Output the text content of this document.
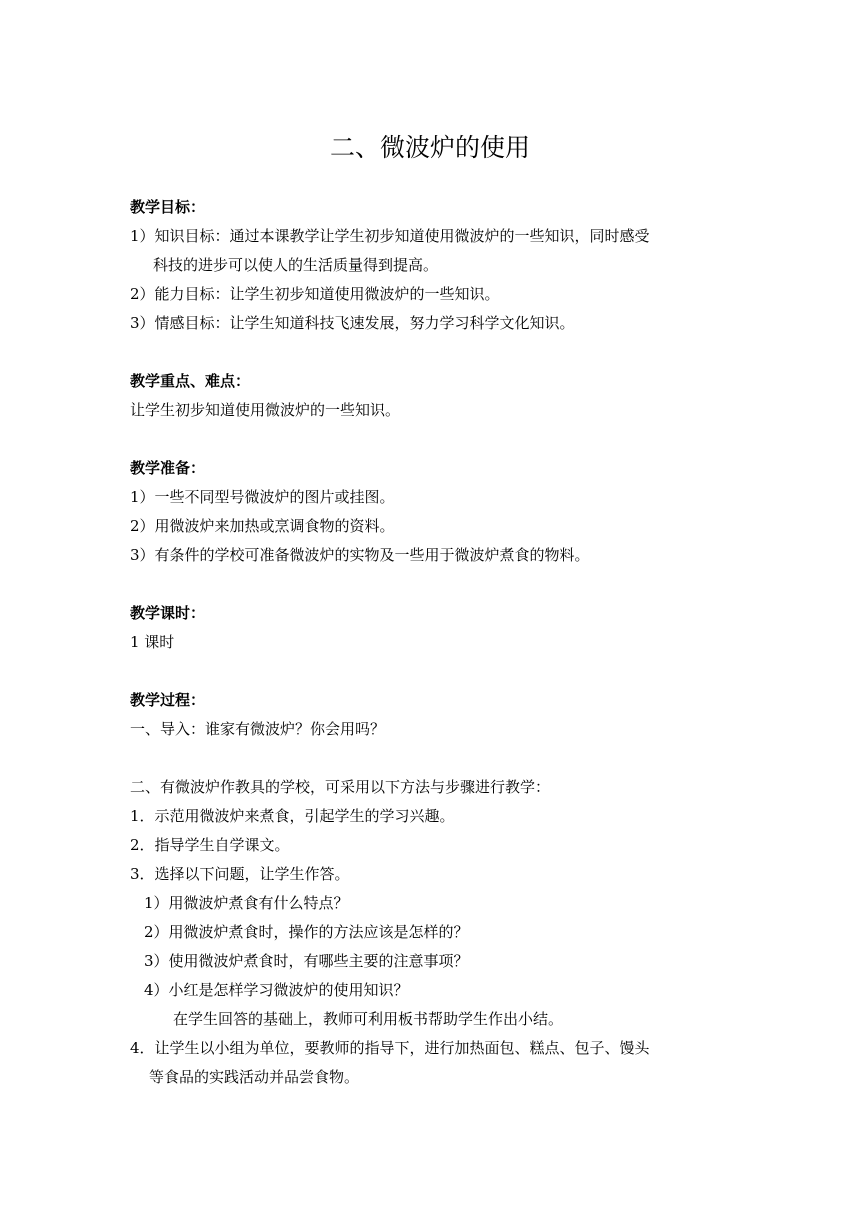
二、微波炉的使用
教学目标：
1）知识目标：通过本课教学让学生初步知道使用微波炉的一些知识，同时感受
科技的进步可以使人的生活质量得到提高。
2）能力目标：让学生初步知道使用微波炉的一些知识。
3）情感目标：让学生知道科技飞速发展，努力学习科学文化知识。
教学重点、难点：
让学生初步知道使用微波炉的一些知识。
教学准备：
1）一些不同型号微波炉的图片或挂图。
2）用微波炉来加热或烹调食物的资料。
3）有条件的学校可准备微波炉的实物及一些用于微波炉煮食的物料。
教学课时：
1 课时
教学过程：
一、导入：谁家有微波炉？你会用吗？
二、有微波炉作教具的学校，可采用以下方法与步骤进行教学：
1．示范用微波炉来煮食，引起学生的学习兴趣。
2．指导学生自学课文。
3．选择以下问题，让学生作答。
1）用微波炉煮食有什么特点？
2）用微波炉煮食时，操作的方法应该是怎样的？
3）使用微波炉煮食时，有哪些主要的注意事项？
4）小红是怎样学习微波炉的使用知识？
在学生回答的基础上，教师可利用板书帮助学生作出小结。
4．让学生以小组为单位，要教师的指导下，进行加热面包、糕点、包子、馒头
等食品的实践活动并品尝食物。
